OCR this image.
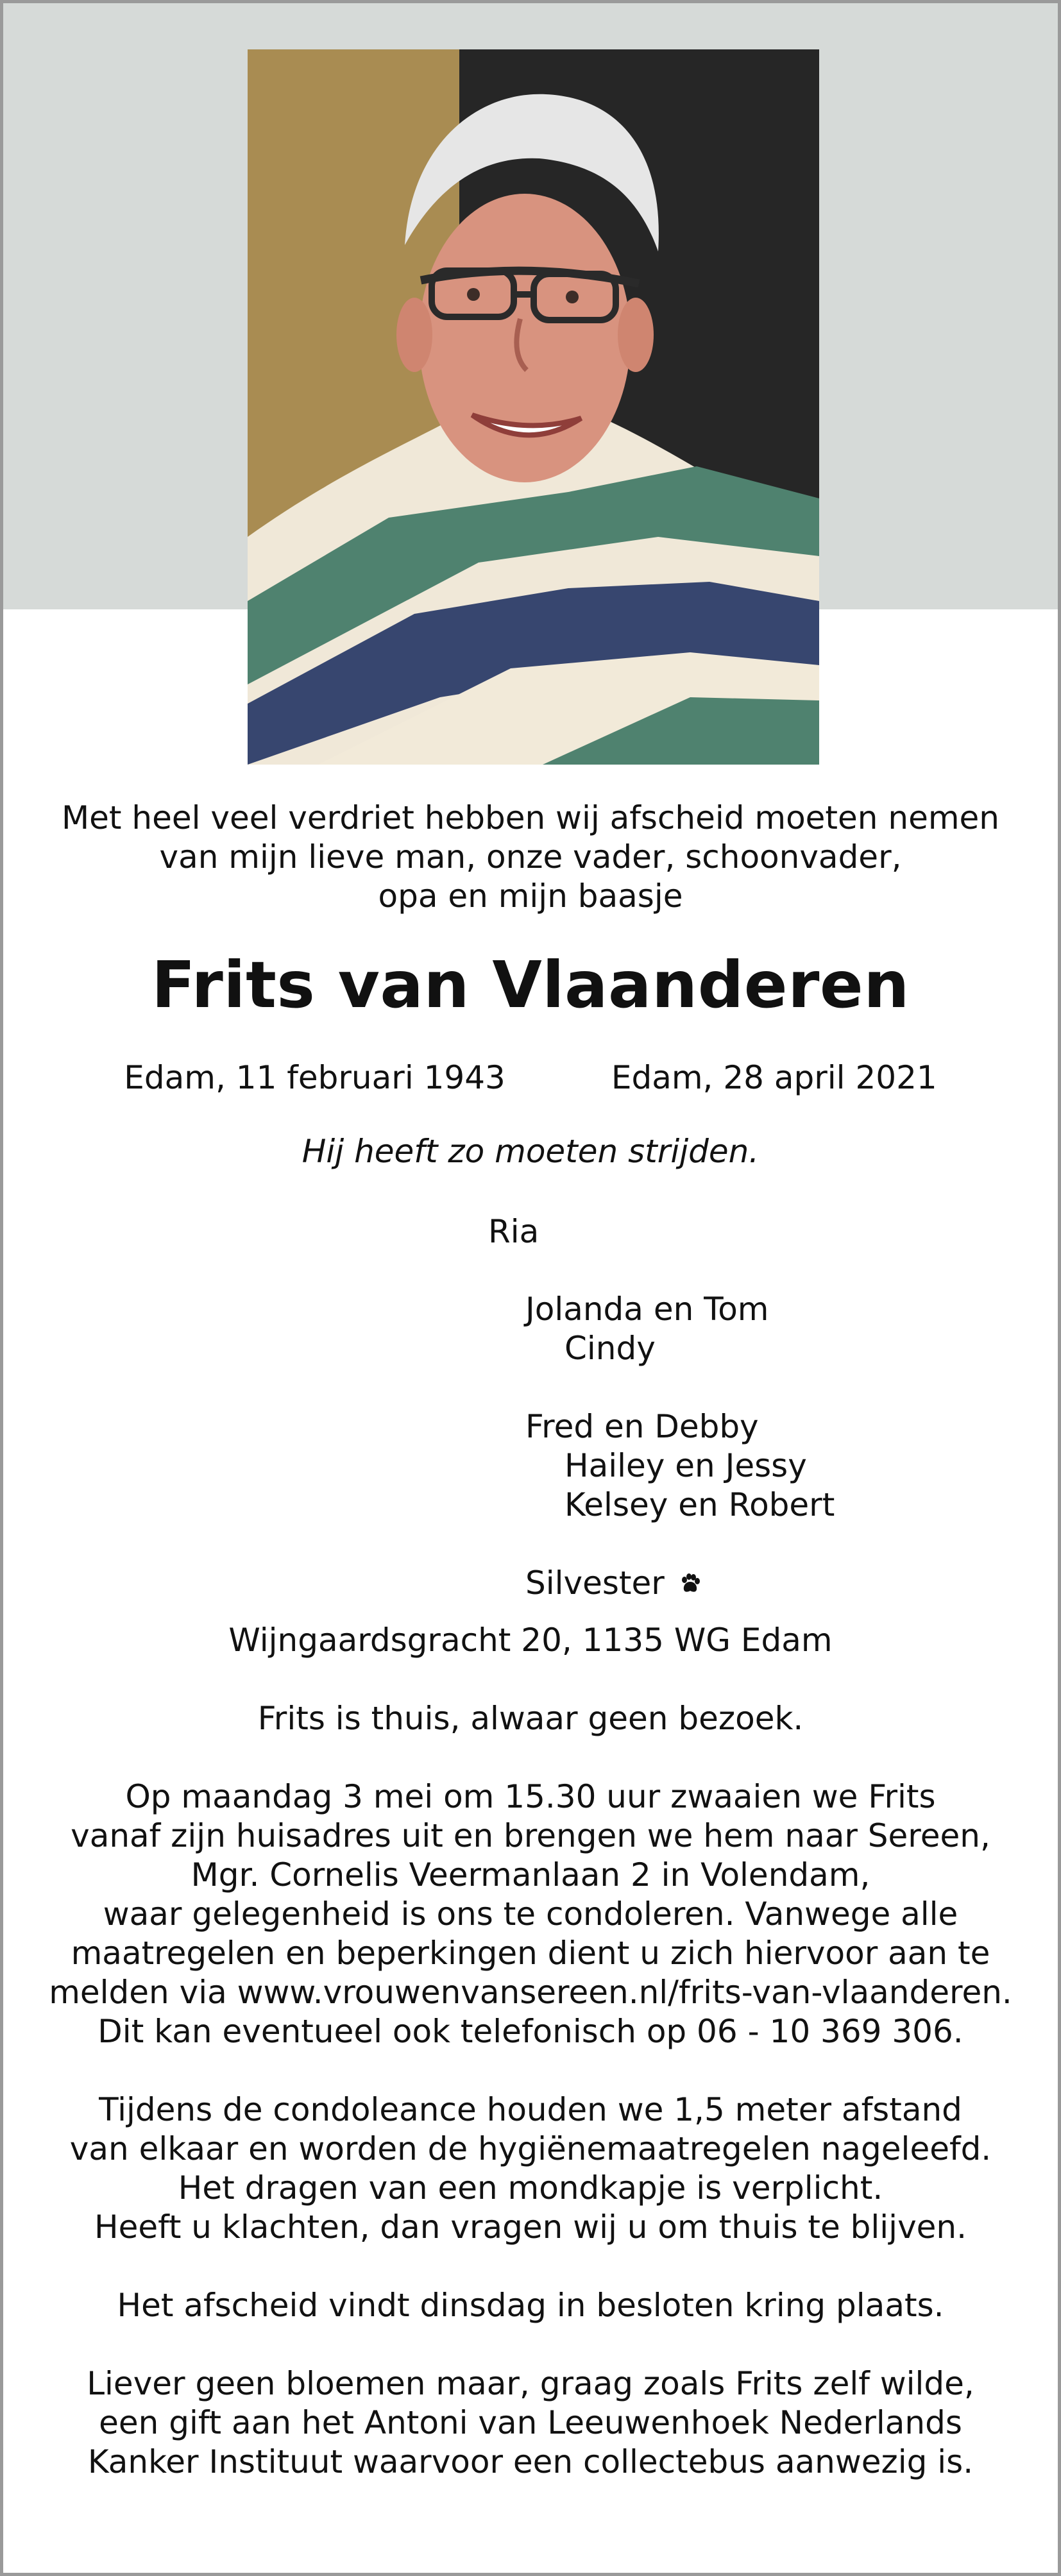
Met heel veel verdriet hebben wij afscheid moeten nemen
van mijn lieve man, onze vader, schoonvader,
opa en mijn baasje
Frits van Vlaanderen
Edam, 11 februari 1943	Edam, 28 april 2021
Hij heeft zo moeten strijden.
Ria
Jolanda en Tom
Cindy
Fred en Debby
Hailey en Jessy
Kelsey en Robert
Silvester
Wijngaardsgracht 20, 1135 WG Edam
Frits is thuis, alwaar geen bezoek.
Op maandag 3 mei om 15.30 uur zwaaien we Frits
vanaf zijn huisadres uit en brengen we hem naar Sereen,
Mgr. Cornelis Veermanlaan 2 in Volendam,
waar gelegenheid is ons te condoleren. Vanwege alle
maatregelen en beperkingen dient u zich hiervoor aan te
melden via www.vrouwenvansereen.nl/frits-van-vlaanderen.
Dit kan eventueel ook telefonisch op 06 - 10 369 306.
Tijdens de condoleance houden we 1,5 meter afstand
van elkaar en worden de hygiënemaatregelen nageleefd.
Het dragen van een mondkapje is verplicht.
Heeft u klachten, dan vragen wij u om thuis te blijven.
Het afscheid vindt dinsdag in besloten kring plaats.
Liever geen bloemen maar, graag zoals Frits zelf wilde,
een gift aan het Antoni van Leeuwenhoek Nederlands
Kanker Instituut waarvoor een collectebus aanwezig is.
